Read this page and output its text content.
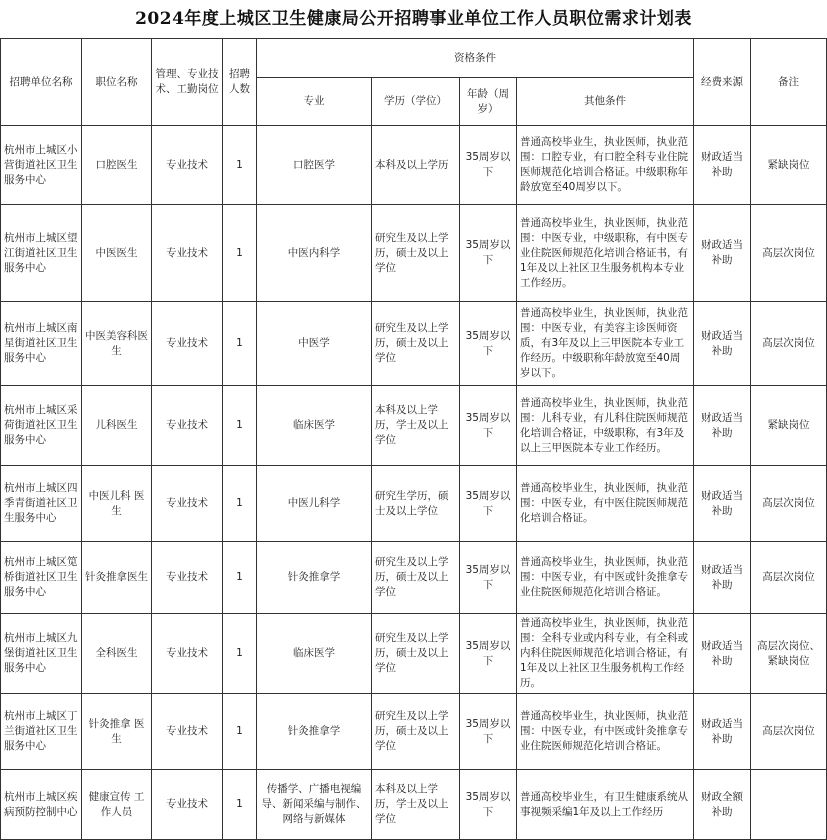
2024年度上城区卫生健康局公开招聘事业单位工作人员职位需求计划表
招聘单位名称	职位名称	管理、专业技术、工勤岗位	招聘人数	资格条件				经费来源	备注
				专业	学历（学位）	年龄（周岁）	其他条件		
杭州市上城区小营街道社区卫生服务中心	口腔医生	专业技术	1	口腔医学	本科及以上学历	35周岁以下	普通高校毕业生，执业医师，执业范围：口腔专业，有口腔全科专业住院医师规范化培训合格证。中级职称年龄放宽至40周岁以下。	财政适当补助	紧缺岗位
杭州市上城区望江街道社区卫生服务中心	中医医生	专业技术	1	中医内科学	研究生及以上学历，硕士及以上学位	35周岁以下	普通高校毕业生，执业医师，执业范围：中医专业，中级职称，有中医专业住院医师规范化培训合格证书，有1年及以上社区卫生服务机构本专业工作经历。	财政适当补助	高层次岗位
杭州市上城区南星街道社区卫生服务中心	中医美容科医生	专业技术	1	中医学	研究生及以上学历，硕士及以上学位	35周岁以下	普通高校毕业生，执业医师，执业范围：中医专业，有美容主诊医师资质，有3年及以上三甲医院本专业工作经历。中级职称年龄放宽至40周岁以下。	财政适当补助	高层次岗位
杭州市上城区采荷街道社区卫生服务中心	儿科医生	专业技术	1	临床医学	本科及以上学历，学士及以上学位	35周岁以下	普通高校毕业生，执业医师，执业范围：儿科专业，有儿科住院医师规范化培训合格证，中级职称，有3年及以上三甲医院本专业工作经历。	财政适当补助	紧缺岗位
杭州市上城区四季青街道社区卫生服务中心	中医儿科 医生	专业技术	1	中医儿科学	研究生学历，硕士及以上学位	35周岁以下	普通高校毕业生，执业医师，执业范围：中医专业，有中医住院医师规范化培训合格证。	财政适当补助	高层次岗位
杭州市上城区笕桥街道社区卫生服务中心	针灸推拿医生	专业技术	1	针灸推拿学	研究生及以上学历，硕士及以上学位	35周岁以下	普通高校毕业生，执业医师，执业范围：中医专业，有中医或针灸推拿专业住院医师规范化培训合格证。	财政适当补助	高层次岗位
杭州市上城区九堡街道社区卫生服务中心	全科医生	专业技术	1	临床医学	研究生及以上学历，硕士及以上学位	35周岁以下	普通高校毕业生，执业医师，执业范围：全科专业或内科专业，有全科或内科住院医师规范化培训合格证，有1年及以上社区卫生服务机构工作经历。	财政适当补助	高层次岗位、紧缺岗位
杭州市上城区丁兰街道社区卫生服务中心	针灸推拿 医生	专业技术	1	针灸推拿学	研究生及以上学历，硕士及以上学位	35周岁以下	普通高校毕业生，执业医师，执业范围：中医专业，有中医或针灸推拿专业住院医师规范化培训合格证。	财政适当补助	高层次岗位
杭州市上城区疾病预防控制中心	健康宣传 工作人员	专业技术	1	传播学、广播电视编导、新闻采编与制作、网络与新媒体	本科及以上学历，学士及以上学位	35周岁以下	普通高校毕业生，有卫生健康系统从事视频采编1年及以上工作经历	财政全额补助	
